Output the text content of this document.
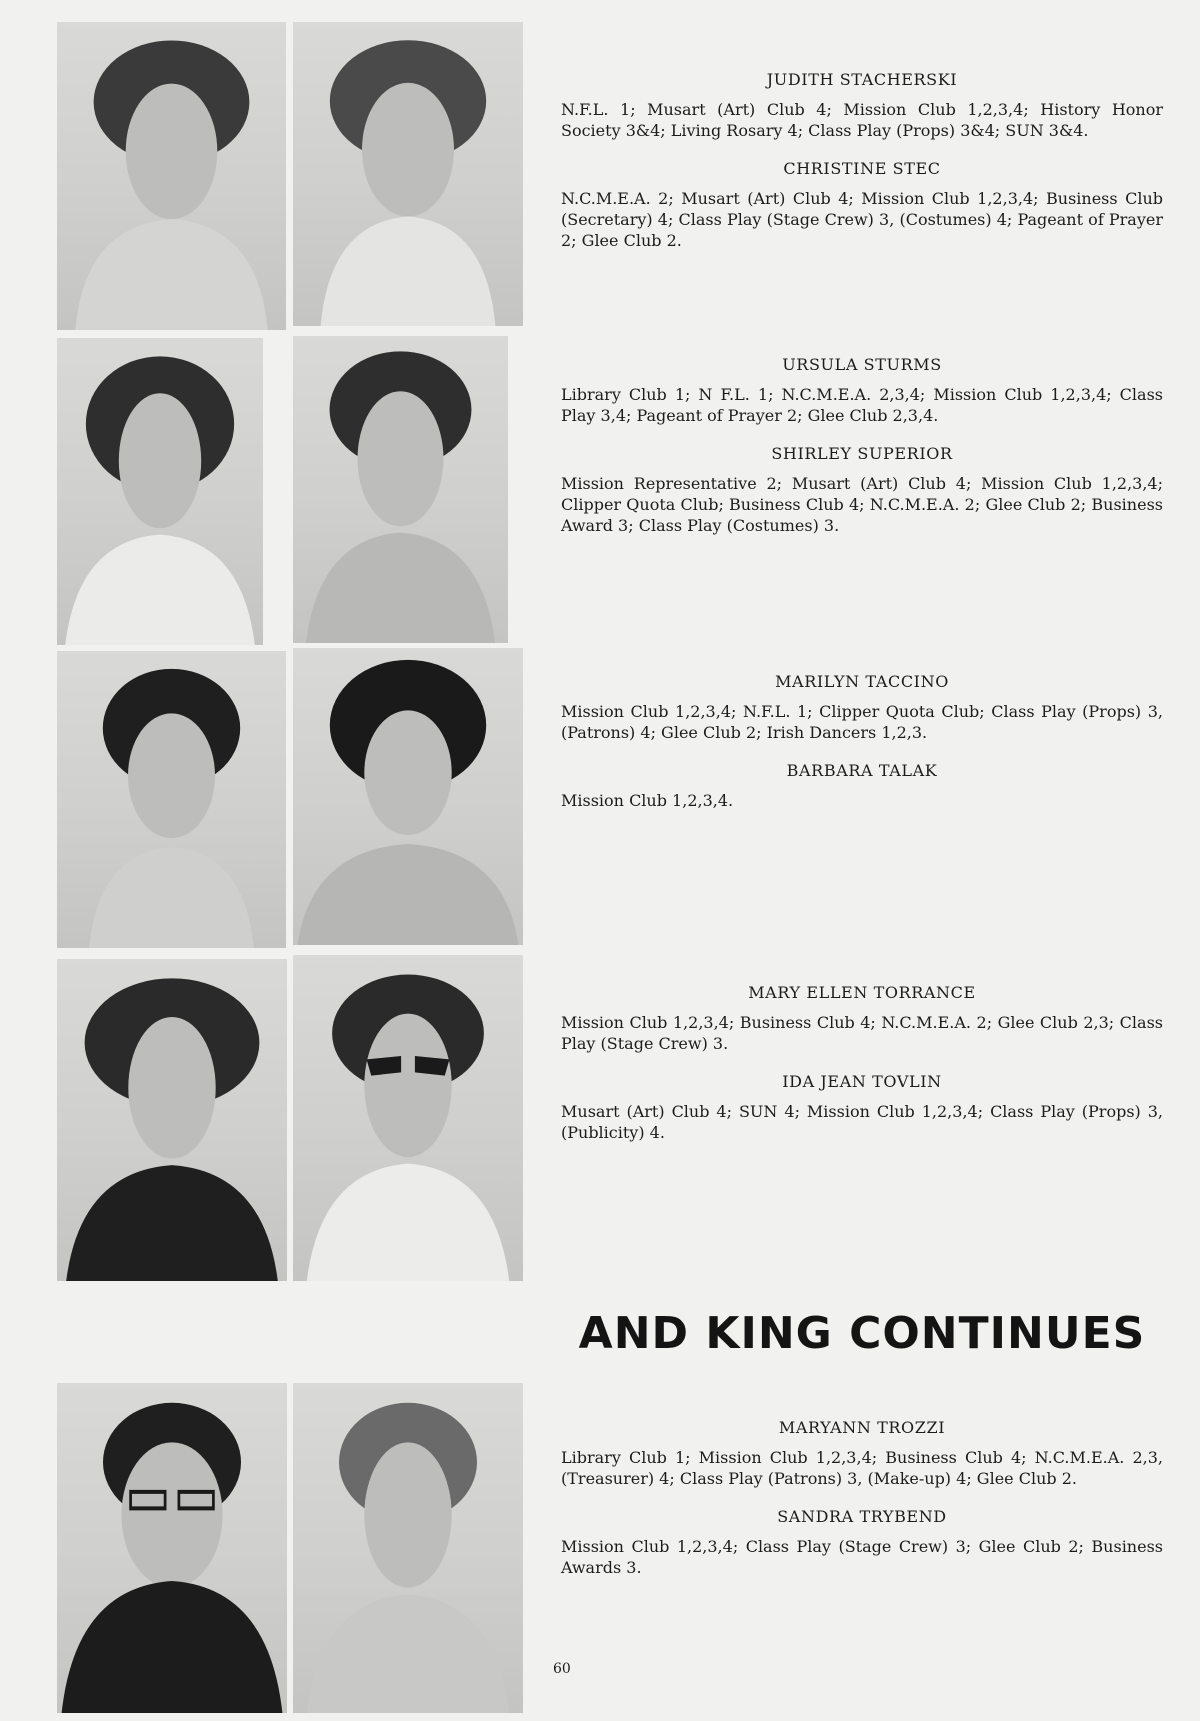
JUDITH STACHERSKI

N.F.L. 1; Musart (Art) Club 4; Mission Club 1,2,3,4; History Honor Society 3&4; Living Rosary 4; Class Play (Props) 3&4; SUN 3&4.

CHRISTINE STEC

N.C.M.E.A. 2; Musart (Art) Club 4; Mission Club 1,2,3,4; Business Club (Secretary) 4; Class Play (Stage Crew) 3, (Costumes) 4; Pageant of Prayer 2; Glee Club 2.

URSULA STURMS

Library Club 1; N F.L. 1; N.C.M.E.A. 2,3,4; Mission Club 1,2,3,4; Class Play 3,4; Pageant of Prayer 2; Glee Club 2,3,4.

SHIRLEY SUPERIOR

Mission Representative 2; Musart (Art) Club 4; Mission Club 1,2,3,4; Clipper Quota Club; Business Club 4; N.C.M.E.A. 2; Glee Club 2; Business Award 3; Class Play (Costumes) 3.

MARILYN TACCINO

Mission Club 1,2,3,4; N.F.L. 1; Clipper Quota Club; Class Play (Props) 3, (Patrons) 4; Glee Club 2; Irish Dancers 1,2,3.

BARBARA TALAK

Mission Club 1,2,3,4.

MARY ELLEN TORRANCE

Mission Club 1,2,3,4; Business Club 4; N.C.M.E.A. 2; Glee Club 2,3; Class Play (Stage Crew) 3.

IDA JEAN TOVLIN

Musart (Art) Club 4; SUN 4; Mission Club 1,2,3,4; Class Play (Props) 3, (Publicity) 4.

AND KING CONTINUES

MARYANN TROZZI

Library Club 1; Mission Club 1,2,3,4; Business Club 4; N.C.M.E.A. 2,3, (Treasurer) 4; Class Play (Patrons) 3, (Make-up) 4; Glee Club 2.

SANDRA TRYBEND

Mission Club 1,2,3,4; Class Play (Stage Crew) 3; Glee Club 2; Business Awards 3.

60
